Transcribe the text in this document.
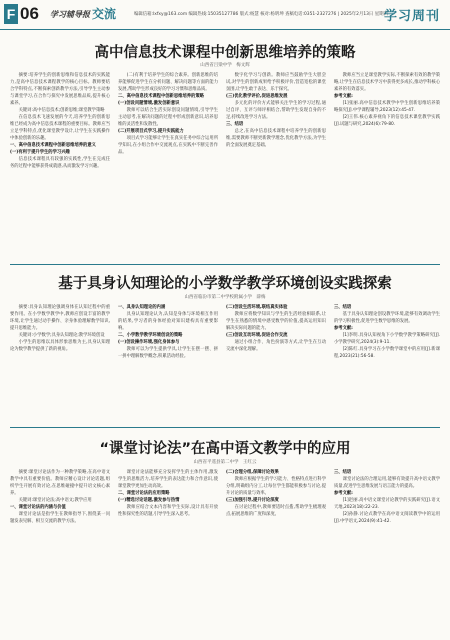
F 06 学习辅导报 交流	编辑信箱:lxfxy@163.com 编辑热线:15035127786 版式:杨慧 核对:杨明坤 查稿电话:0351-2327276 | 2025年2月13日 星期四
学习周刊
高中信息技术课程中创新思维培养的策略
山西省吕梁中学　梅文辉
摘要:培养学生的创新思维和信息技术的实践能力,是高中信息技术课程教学的核心目标。教师要结合学科特点,不断探索创新教学方法,引导学生主动参与课堂学习,在合作与探究中发展思维品质,提升核心素养。
关键词:高中信息技术;创新思维;课堂教学策略
在信息技术飞速发展的今天,培养学生的创新思维已经成为高中信息技术课程的重要目标。教师应当立足学科特点,优化课堂教学设计,让学生在实践操作中体验创新的乐趣。
一、高中信息技术课程中创新思维培养的意义
(一)有利于提升学生的学习兴趣
信息技术课程具有较强的实践性,学生在完成任务的过程中能够获得成就感,从而激发学习兴趣。
(二)有利于培养学生的综合素养。创新思维的培养能够促进学生在分析问题、解决问题等方面的能力发展,帮助学生形成良好的学习习惯和思维品质。
二、高中信息技术课程中创新思维培养的策略
(一)创设问题情境,激发创新意识
教师可以结合生活实际创设问题情境,引导学生主动思考,在解决问题的过程中形成创新意识,培养思维的灵活性和发散性。
(二)开展项目式学习,提升实践能力
项目式学习能够让学生在真实任务中综合运用所学知识,在小组合作中交流观点,在实践中不断完善作品。
数字化学习与创新。教师应当鼓励学生大胆尝试,对学生的创新成果给予积极评价,营造宽松的课堂氛围,让学生敢于表达、乐于探究。
(三)优化教学评价,促进思维发展
多元化的评价方式能够关注学生的学习过程,通过自评、互评与师评相结合,帮助学生发现自身的不足,持续改进学习方法。
三、结语
总之,在高中信息技术课程中培养学生的创新思维,需要教师不断更新教学理念,优化教学方法,为学生的全面发展奠定基础。
教师应当立足课堂教学实际,不断探索有效的教学策略,让学生在信息技术学习中获得更多成长,推动学科核心素养的有效落实。
参考文献:
[1]张丽.高中信息技术教学中学生创新思维培养策略探究[J].中学课程辅导,2023(12):45-47.
[2]王伟.核心素养视角下的信息技术课堂教学实践[J].试题与研究,2024(6):79-80.
基于具身认知理论的小学数学教学环境创设实践探索
山西省临汾市第二中学校附属小学　薛梅
摘要:具身认知理论强调身体在认知过程中的重要作用。在小学数学教学中,教师应创设丰富的教学环境,让学生通过动手操作、亲身体验理解数学知识,提升思维能力。
关键词:小学数学;具身认知理论;教学环境创设
小学生的思维以具体形象思维为主,具身认知理论为数学教学提供了新的视角。
一、具身认知理论的内涵
具身认知理论认为,认知是身体与环境相互作用的结果,学习者的身体经验对知识建构具有重要影响。
二、小学数学教学环境创设的策略
(一)创设操作环境,强化身体参与
教师可以为学生提供学具,让学生在摆一摆、拼一拼中理解数学概念,积累活动经验。
(二)创设生活环境,联结真实体验
教师应将数学知识与学生的生活经验相联系,让学生在熟悉的情境中感受数学的价值,提高运用知识解决实际问题的能力。
(三)创设互动环境,促进合作交流
通过小组合作、角色扮演等方式,让学生在互动交流中深化理解。
三、结语
基于具身认知理论创设教学环境,能够有效调动学生的学习积极性,促进学生数学思维的发展。
参考文献:
[1]李明.具身认知视角下小学数学教学策略研究[J].小学教学研究,2024(3):9-11.
[2]陈红.具身学习在小学数学课堂中的应用[J].新课程,2023(21):56-58.
“课堂讨论法”在高中语文教学中的应用
山西省平遥县第二中学　王红云
摘要:课堂讨论法作为一种教学策略,在高中语文教学中具有重要价值。教师应精心设计讨论话题,组织学生开展有效讨论,在思维碰撞中提升语文核心素养。
关键词:课堂讨论法;高中语文;教学应用
一、课堂讨论法的内涵与价值
课堂讨论法是指学生在教师指导下,围绕某一问题发表见解、相互交流的教学方法。
课堂讨论法能够充分发挥学生的主体作用,激发学生的思维活力,培养学生的表达能力和合作意识,使课堂教学更加生动高效。
二、课堂讨论法的应用策略
(一)精选讨论话题,激发参与热情
教师应结合文本内容和学生实际,设计具有开放性和探究性的话题,引导学生深入思考。
(二)合理分组,保障讨论效果
教师应根据学生的学习能力、性格特点进行科学分组,明确组内分工,让每位学生都能积极参与讨论,提升讨论的质量与效率。
(三)加强引导,提升讨论深度
在讨论过程中,教师要适时点拨,帮助学生梳理观点,拓展思维的广度和深度。
三、结语
课堂讨论法的合理运用,能够有效提升高中语文教学质量,促进学生思维发展与语言能力的提高。
参考文献:
[1]赵丽.高中语文课堂讨论教学的实践研究[J].语文天地,2023(18):22-23.
[2]孙静.讨论式教学在高中语文阅读教学中的运用[J].中学语文,2024(9):41-42.
